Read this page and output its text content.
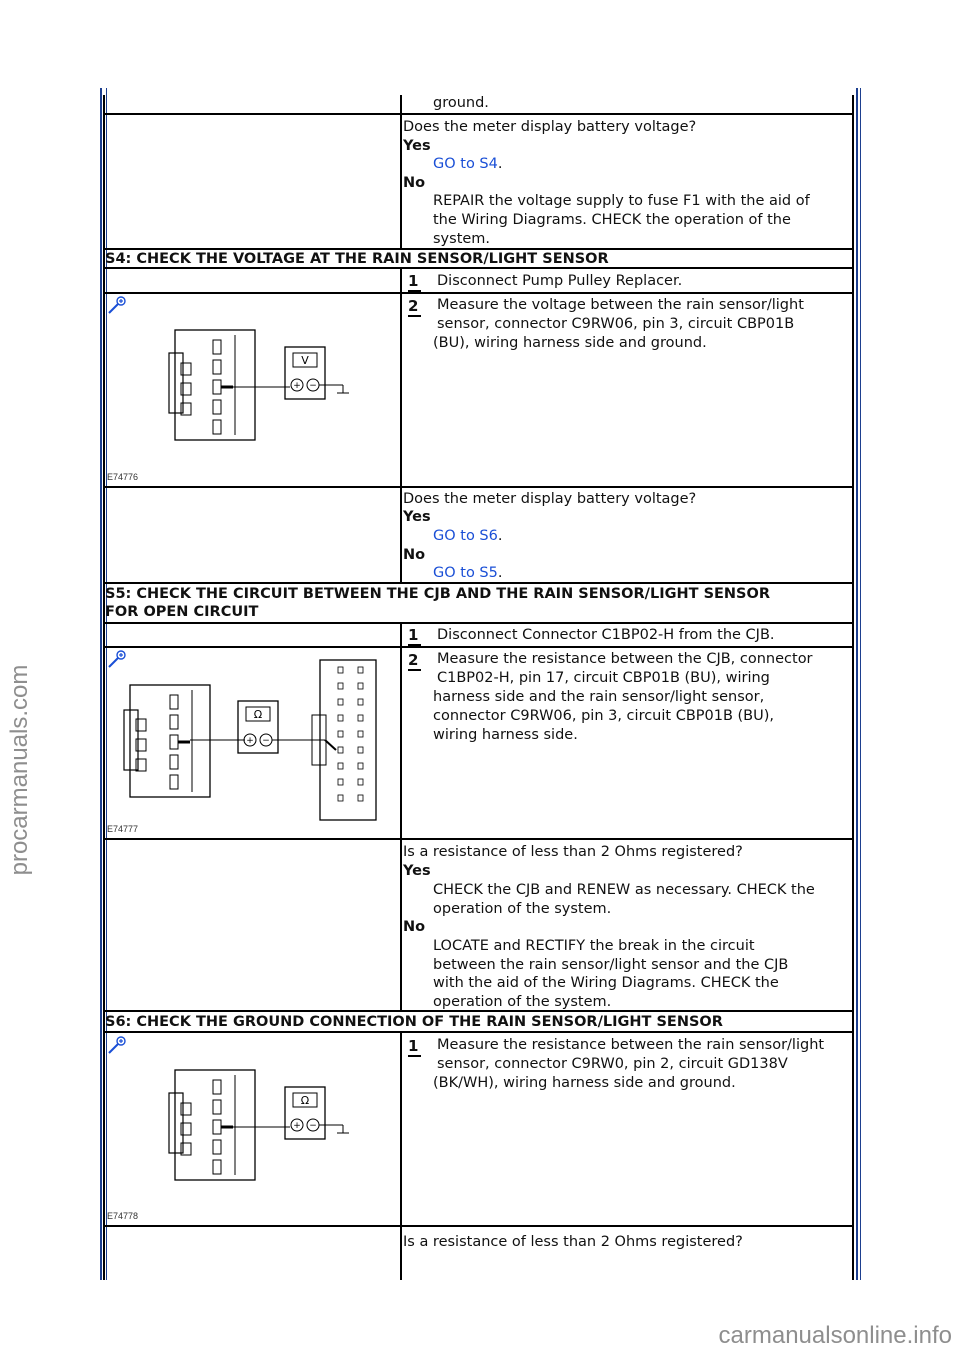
procarmanuals.com
carmanualsonline.info
ground.
Does the meter display battery voltage?
Yes
GO to S4.
No
REPAIR the voltage supply to fuse F1 with the aid of
the Wiring Diagrams. CHECK the operation of the
system.
S4: CHECK THE VOLTAGE AT THE RAIN SENSOR/LIGHT SENSOR
1 Disconnect Pump Pulley Replacer.
V
+ −
E74776
2 Measure the voltage between the rain sensor/light
sensor, connector C9RW06, pin 3, circuit CBP01B
(BU), wiring harness side and ground.
Does the meter display battery voltage?
Yes
GO to S6.
No
GO to S5.
S5: CHECK THE CIRCUIT BETWEEN THE CJB AND THE RAIN SENSOR/LIGHT SENSOR
FOR OPEN CIRCUIT
1 Disconnect Connector C1BP02-H from the CJB.
Ω
+ −
E74777
2 Measure the resistance between the CJB, connector
C1BP02-H, pin 17, circuit CBP01B (BU), wiring
harness side and the rain sensor/light sensor,
connector C9RW06, pin 3, circuit CBP01B (BU),
wiring harness side.
Is a resistance of less than 2 Ohms registered?
Yes
CHECK the CJB and RENEW as necessary. CHECK the
operation of the system.
No
LOCATE and RECTIFY the break in the circuit
between the rain sensor/light sensor and the CJB
with the aid of the Wiring Diagrams. CHECK the
operation of the system.
S6: CHECK THE GROUND CONNECTION OF THE RAIN SENSOR/LIGHT SENSOR
Ω
+ −
E74778
1 Measure the resistance between the rain sensor/light
sensor, connector C9RW0, pin 2, circuit GD138V
(BK/WH), wiring harness side and ground.
Is a resistance of less than 2 Ohms registered?
